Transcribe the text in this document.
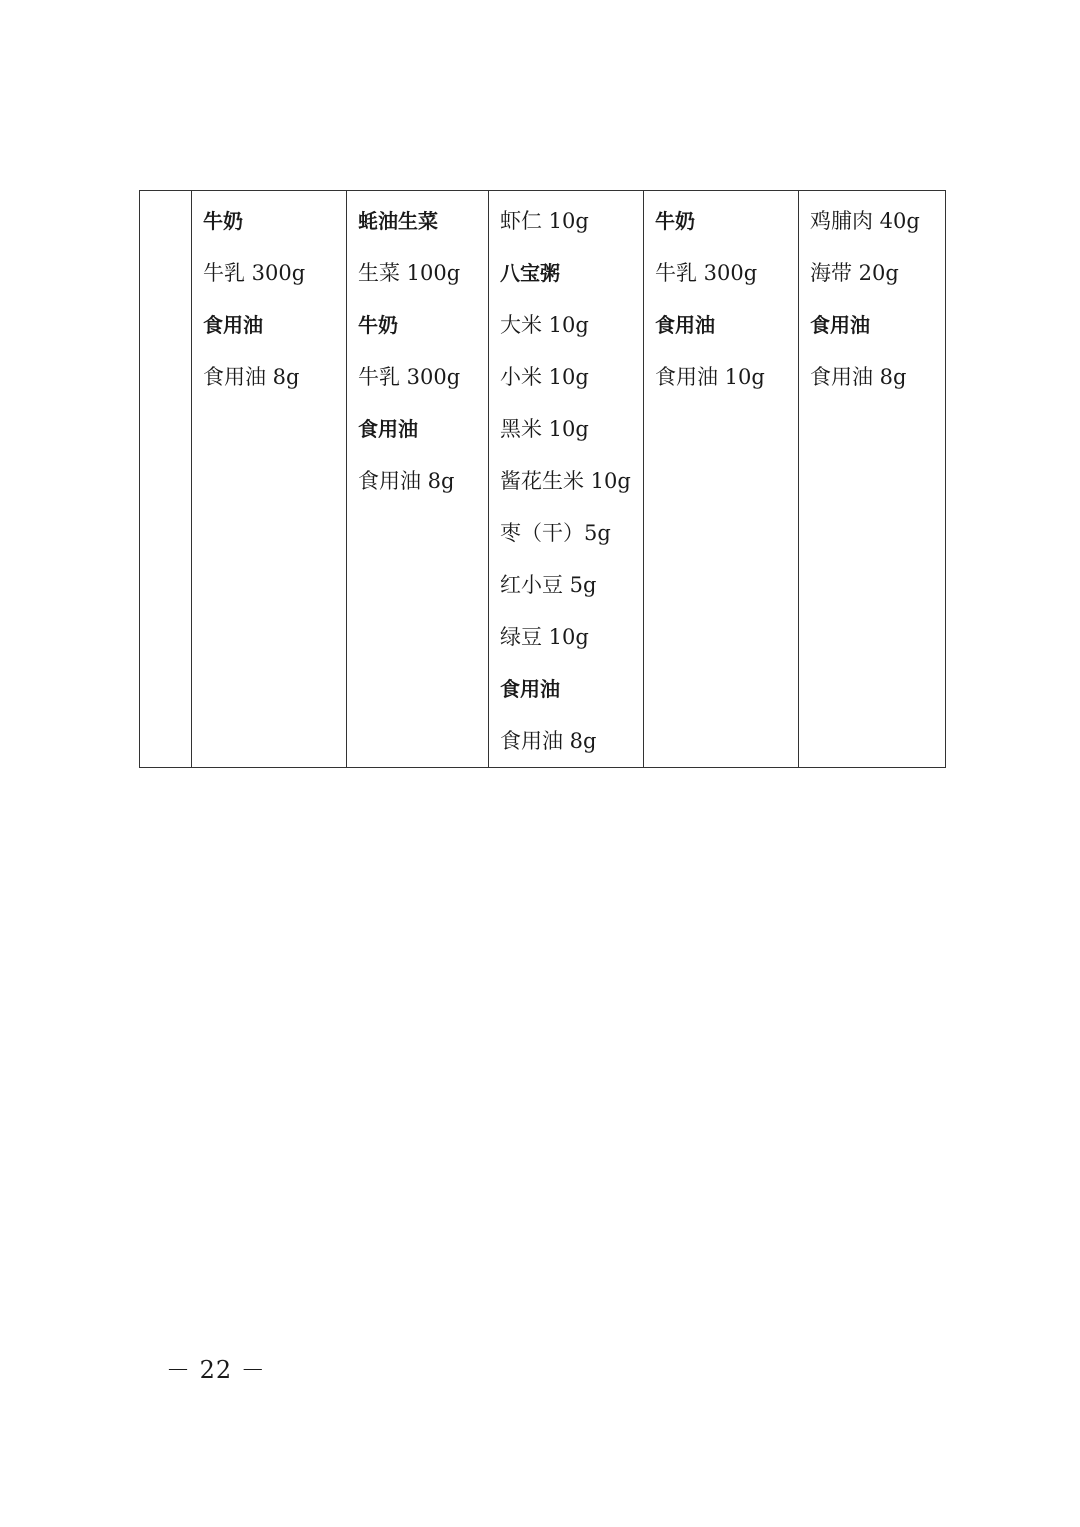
牛奶
牛乳 300g
食用油
食用油 8g

蚝油生菜
生菜 100g
牛奶
牛乳 300g
食用油
食用油 8g

虾仁 10g
八宝粥
大米 10g
小米 10g
黑米 10g
酱花生米 10g
枣（干）5g
红小豆 5g
绿豆 10g
食用油
食用油 8g

牛奶
牛乳 300g
食用油
食用油 10g

鸡脯肉 40g
海带 20g
食用油
食用油 8g
－ 22 －
